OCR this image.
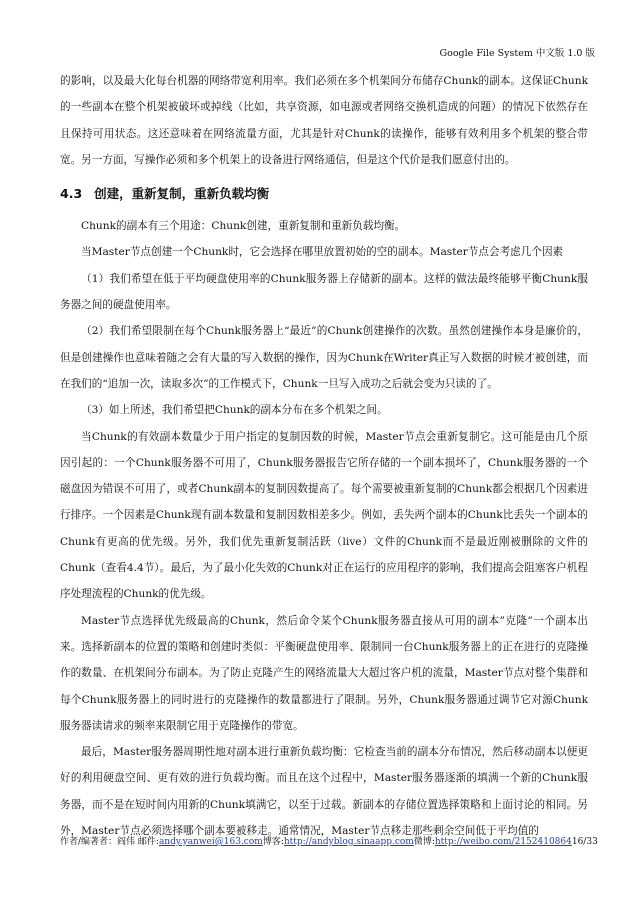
Google File System 中文版 1.0 版

的影响，以及最大化每台机器的网络带宽利用率。我们必须在多个机架间分布储存Chunk的副本。这保证Chunk的一些副本在整个机架被破坏或掉线（比如，共享资源，如电源或者网络交换机造成的问题）的情况下依然存在且保持可用状态。这还意味着在网络流量方面，尤其是针对Chunk的读操作，能够有效利用多个机架的整合带宽。另一方面，写操作必须和多个机架上的设备进行网络通信，但是这个代价是我们愿意付出的。

4.3 创建，重新复制，重新负载均衡

Chunk的副本有三个用途：Chunk创建，重新复制和重新负载均衡。

当Master节点创建一个Chunk时，它会选择在哪里放置初始的空的副本。Master节点会考虑几个因素

（1）我们希望在低于平均硬盘使用率的Chunk服务器上存储新的副本。这样的做法最终能够平衡Chunk服务器之间的硬盘使用率。

（2）我们希望限制在每个Chunk服务器上“最近”的Chunk创建操作的次数。虽然创建操作本身是廉价的，但是创建操作也意味着随之会有大量的写入数据的操作，因为Chunk在Writer真正写入数据的时候才被创建，而在我们的“追加一次，读取多次”的工作模式下，Chunk一旦写入成功之后就会变为只读的了。

（3）如上所述，我们希望把Chunk的副本分布在多个机架之间。

当Chunk的有效副本数量少于用户指定的复制因数的时候，Master节点会重新复制它。这可能是由几个原因引起的：一个Chunk服务器不可用了，Chunk服务器报告它所存储的一个副本损坏了，Chunk服务器的一个磁盘因为错误不可用了，或者Chunk副本的复制因数提高了。每个需要被重新复制的Chunk都会根据几个因素进行排序。一个因素是Chunk现有副本数量和复制因数相差多少。例如，丢失两个副本的Chunk比丢失一个副本的Chunk有更高的优先级。另外，我们优先重新复制活跃（live）文件的Chunk而不是最近刚被删除的文件的Chunk（查看4.4节）。最后，为了最小化失效的Chunk对正在运行的应用程序的影响，我们提高会阻塞客户机程序处理流程的Chunk的优先级。

Master节点选择优先级最高的Chunk，然后命令某个Chunk服务器直接从可用的副本”克隆”一个副本出来。选择新副本的位置的策略和创建时类似：平衡硬盘使用率、限制同一台Chunk服务器上的正在进行的克隆操作的数量、在机架间分布副本。为了防止克隆产生的网络流量大大超过客户机的流量，Master节点对整个集群和每个Chunk服务器上的同时进行的克隆操作的数量都进行了限制。另外，Chunk服务器通过调节它对源Chunk服务器读请求的频率来限制它用于克隆操作的带宽。

最后，Master服务器周期性地对副本进行重新负载均衡：它检查当前的副本分布情况，然后移动副本以便更好的利用硬盘空间、更有效的进行负载均衡。而且在这个过程中，Master服务器逐渐的填满一个新的Chunk服务器，而不是在短时间内用新的Chunk填满它，以至于过载。新副本的存储位置选择策略和上面讨论的相同。另外，Master节点必须选择哪个副本要被移走。通常情况，Master节点移走那些剩余空间低于平均值的

作者/编著者：阎伟 邮件: andy.yanwei@163.com 博客: http://andyblog.sinaapp.com 微博: http://weibo.com/2152410864 16/33
